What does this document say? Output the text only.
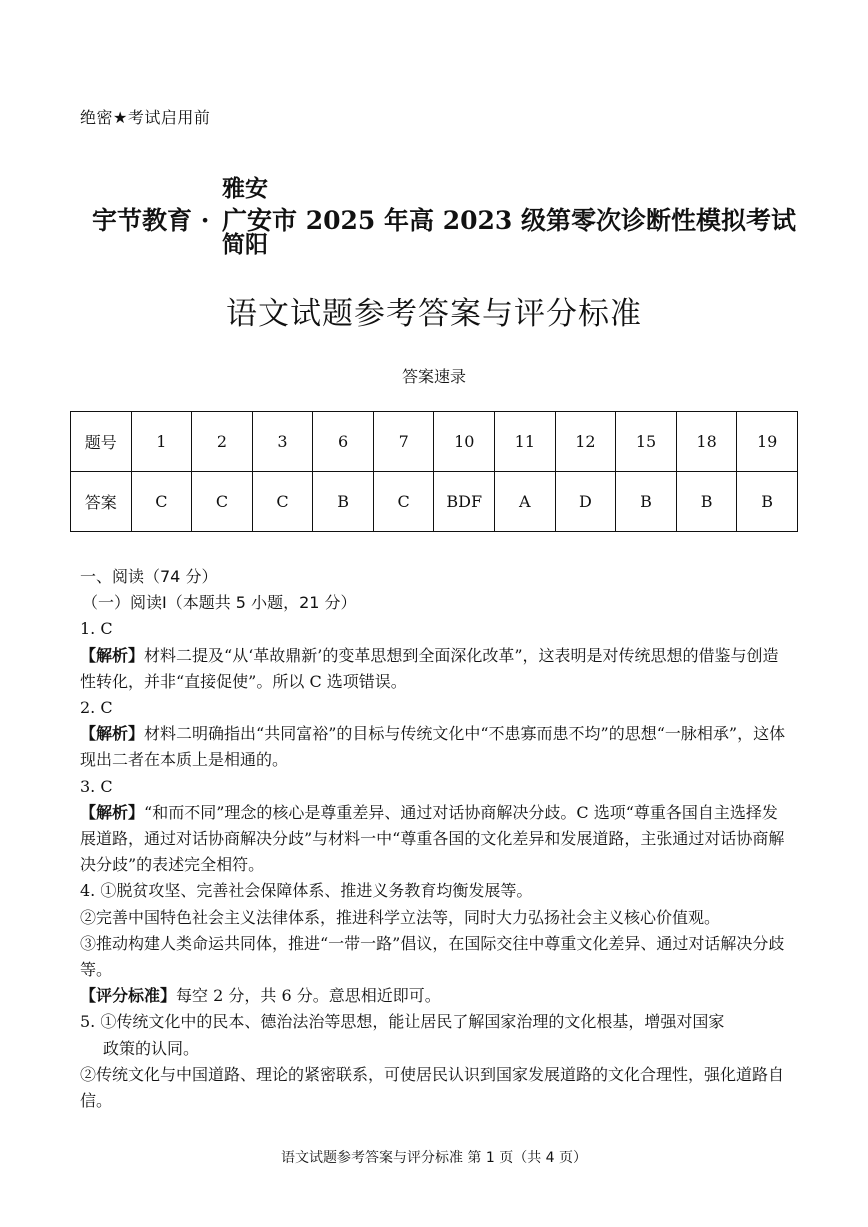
绝密★考试启用前
宇节教育 ·
雅安
简阳
广安市 2025 年高 2023 级第零次诊断性模拟考试
语文试题参考答案与评分标准
答案速录
题号	1	2	3	6	7	10	11	12	15	18	19
答案	C	C	C	B	C	BDF	A	D	B	B	B

一、阅读（74 分）

（一）阅读Ⅰ（本题共 5 小题，21 分）

1. C

【解析】材料二提及“从‘革故鼎新’的变革思想到全面深化改革”，这表明是对传统思想的借鉴与创造性转化，并非“直接促使”。所以 C 选项错误。

2. C

【解析】材料二明确指出“共同富裕”的目标与传统文化中“不患寡而患不均”的思想“一脉相承”，这体现出二者在本质上是相通的。

3. C

【解析】“和而不同”理念的核心是尊重差异、通过对话协商解决分歧。C 选项“尊重各国自主选择发展道路，通过对话协商解决分歧”与材料一中“尊重各国的文化差异和发展道路，主张通过对话协商解决分歧”的表述完全相符。

4. ①脱贫攻坚、完善社会保障体系、推进义务教育均衡发展等。

②完善中国特色社会主义法律体系，推进科学立法等，同时大力弘扬社会主义核心价值观。

③推动构建人类命运共同体，推进“一带一路”倡议，在国际交往中尊重文化差异、通过对话解决分歧等。

【评分标准】每空 2 分，共 6 分。意思相近即可。

5. ①传统文化中的民本、德治法治等思想，能让居民了解国家治理的文化根基，增强对国家

政策的认同。

②传统文化与中国道路、理论的紧密联系，可使居民认识到国家发展道路的文化合理性，强化道路自信。

语文试题参考答案与评分标准 第 1 页（共 4 页）
